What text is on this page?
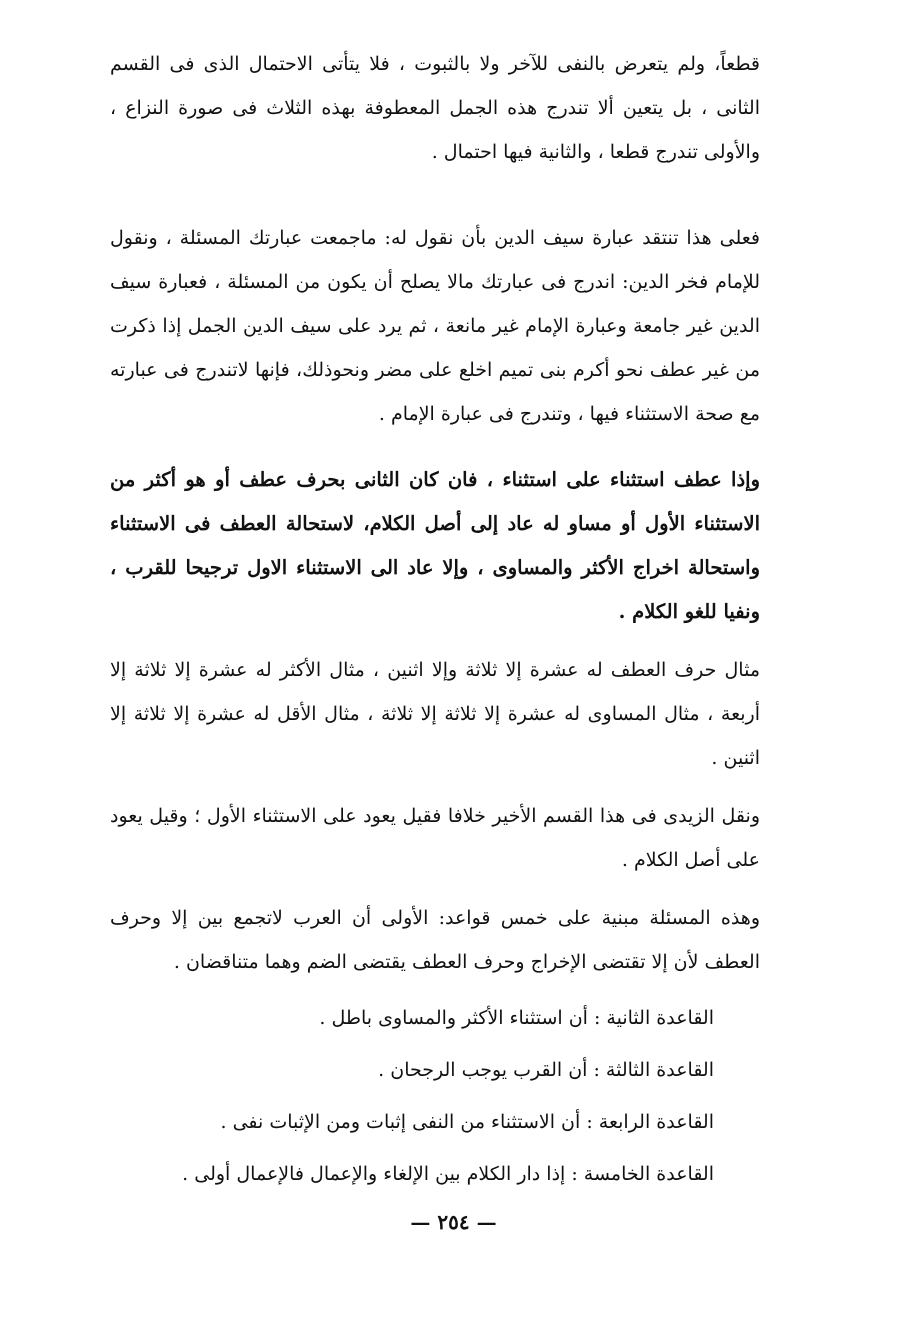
قطعاً، ولم يتعرض بالنفى للآخر ولا بالثبوت ، فلا يتأتى الاحتمال الذى فى القسم الثانى ، بل يتعين ألا تندرج هذه الجمل المعطوفة بهذه الثلاث فى صورة النزاع ، والأولى تندرج قطعا ، والثانية فيها احتمال .

فعلى هذا تنتقد عبارة سيف الدين بأن نقول له: ماجمعت عبارتك المسئلة ، ونقول للإمام فخر الدين: اندرج فى عبارتك مالا يصلح أن يكون من المسئلة ، فعبارة سيف الدين غير جامعة وعبارة الإمام غير مانعة ، ثم يرد على سيف الدين الجمل إذا ذكرت من غير عطف نحو أكرم بنى تميم اخلع على مضر ونحوذلك، فإنها لاتندرج فى عبارته مع صحة الاستثناء فيها ، وتندرج فى عبارة الإمام .

وإذا عطف استثناء على استثناء ، فان كان الثانى بحرف عطف أو هو أكثر من الاستثناء الأول أو مساو له عاد إلى أصل الكلام، لاستحالة العطف فى الاستثناء واستحالة اخراج الأكثر والمساوى ، وإلا عاد الى الاستثناء الاول ترجيحا للقرب ، ونفيا للغو الكلام .

مثال حرف العطف له عشرة إلا ثلاثة وإلا اثنين ، مثال الأكثر له عشرة إلا ثلاثة إلا أربعة ، مثال المساوى له عشرة إلا ثلاثة إلا ثلاثة ، مثال الأقل له عشرة إلا ثلاثة إلا اثنين .

ونقل الزيدى فى هذا القسم الأخير خلافا فقيل يعود على الاستثناء الأول ؛ وقيل يعود على أصل الكلام .

وهذه المسئلة مبنية على خمس قواعد: الأولى أن العرب لاتجمع بين إلا وحرف العطف لأن إلا تقتضى الإخراج وحرف العطف يقتضى الضم وهما متناقضان .

القاعدة الثانية : أن استثناء الأكثر والمساوى باطل .

القاعدة الثالثة : أن القرب يوجب الرجحان .

القاعدة الرابعة : أن الاستثناء من النفى إثبات ومن الإثبات نفى .

القاعدة الخامسة : إذا دار الكلام بين الإلغاء والإعمال فالإعمال أولى .

— ٢٥٤ —
